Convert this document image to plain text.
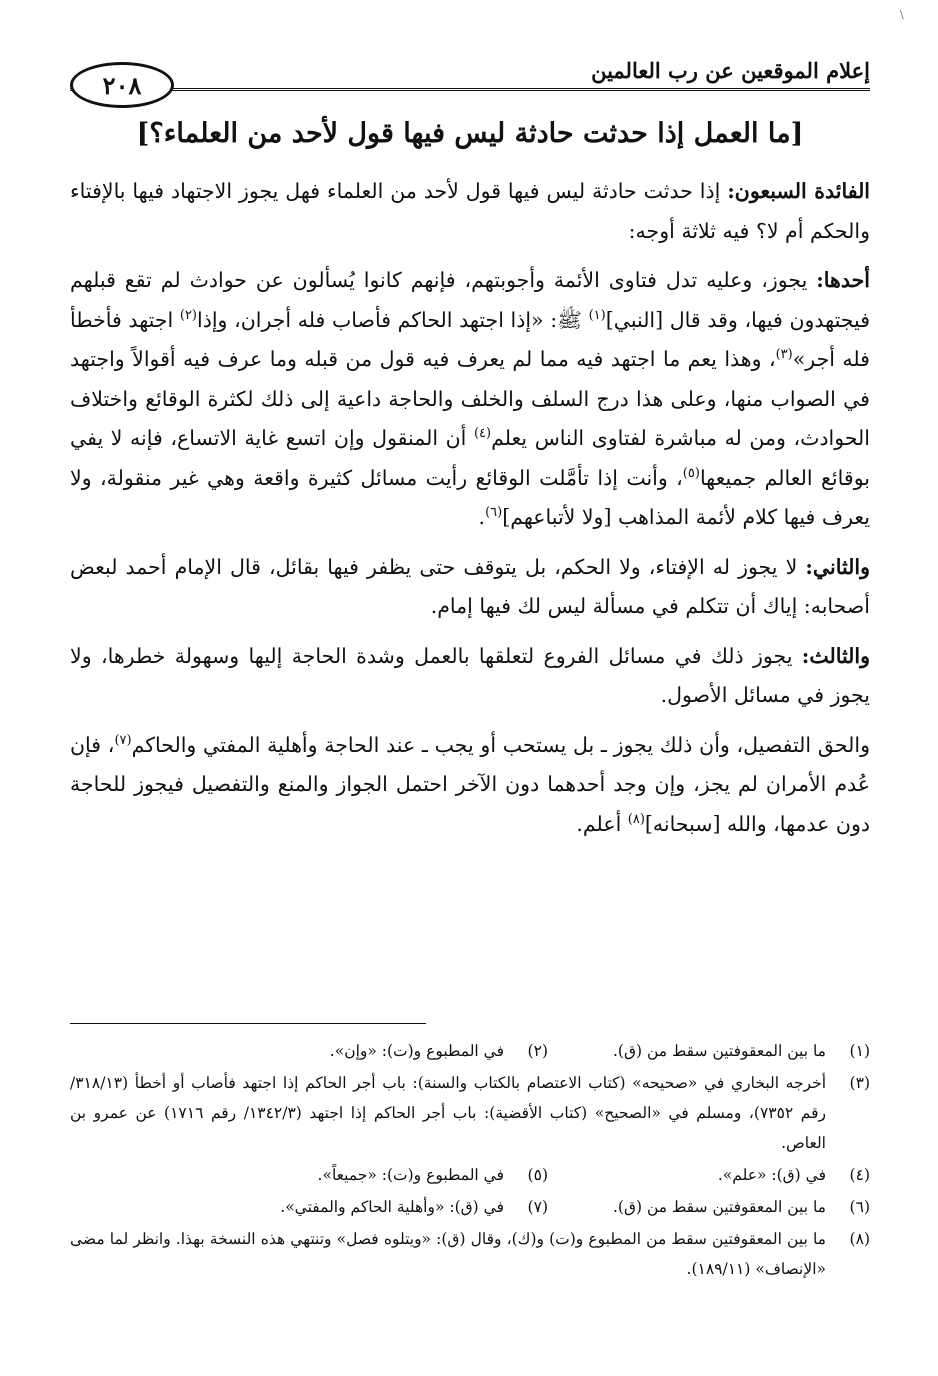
\
إعلام الموقعين عن رب العالمين
٢٠٨
[ما العمل إذا حدثت حادثة ليس فيها قول لأحد من العلماء؟]

الفائدة السبعون: إذا حدثت حادثة ليس فيها قول لأحد من العلماء فهل يجوز الاجتهاد فيها بالإفتاء والحكم أم لا؟ فيه ثلاثة أوجه:

أحدها: يجوز، وعليه تدل فتاوى الأئمة وأجوبتهم، فإنهم كانوا يُسألون عن حوادث لم تقع قبلهم فيجتهدون فيها، وقد قال [النبي]$^{(١)}$ ﷺ: «إذا اجتهد الحاكم فأصاب فله أجران، وإذا$^{(٢)}$ اجتهد فأخطأ فله أجر»$^{(٣)}$، وهذا يعم ما اجتهد فيه مما لم يعرف فيه قول من قبله وما عرف فيه أقوالاً واجتهد في الصواب منها، وعلى هذا درج السلف والخلف والحاجة داعية إلى ذلك لكثرة الوقائع واختلاف الحوادث، ومن له مباشرة لفتاوى الناس يعلم$^{(٤)}$ أن المنقول وإن اتسع غاية الاتساع، فإنه لا يفي بوقائع العالم جميعها$^{(٥)}$، وأنت إذا تأمَّلت الوقائع رأيت مسائل كثيرة واقعة وهي غير منقولة، ولا يعرف فيها كلام لأئمة المذاهب [ولا لأتباعهم]$^{(٦)}$.

والثاني: لا يجوز له الإفتاء، ولا الحكم، بل يتوقف حتى يظفر فيها بقائل، قال الإمام أحمد لبعض أصحابه: إياك أن تتكلم في مسألة ليس لك فيها إمام.

والثالث: يجوز ذلك في مسائل الفروع لتعلقها بالعمل وشدة الحاجة إليها وسهولة خطرها، ولا يجوز في مسائل الأصول.

والحق التفصيل، وأن ذلك يجوز ـ بل يستحب أو يجب ـ عند الحاجة وأهلية المفتي والحاكم$^{(٧)}$، فإن عُدم الأمران لم يجز، وإن وجد أحدهما دون الآخر احتمل الجواز والمنع والتفصيل فيجوز للحاجة دون عدمها، والله [سبحانه]$^{(٨)}$ أعلم.

(١)
ما بين المعقوفتين سقط من (ق).
(٢)
في المطبوع و(ت): «وإن».
(٣)
أخرجه البخاري في «صحيحه» (كتاب الاعتصام بالكتاب والسنة): باب أجر الحاكم إذا اجتهد فأصاب أو أخطأ (٣١٨/١٣/ رقم ٧٣٥٢)، ومسلم في «الصحيح» (كتاب الأقضية): باب أجر الحاكم إذا اجتهد (١٣٤٢/٣/ رقم ١٧١٦) عن عمرو بن العاص.
(٤)
في (ق): «علم».
(٥)
في المطبوع و(ت): «جميعاً».
(٦)
ما بين المعقوفتين سقط من (ق).
(٧)
في (ق): «وأهلية الحاكم والمفتي».
(٨)
ما بين المعقوفتين سقط من المطبوع و(ت) و(ك)، وقال (ق): «ويتلوه فصل» وتنتهي هذه النسخة بهذا. وانظر لما مضى «الإنصاف» (١٨٩/١١).
